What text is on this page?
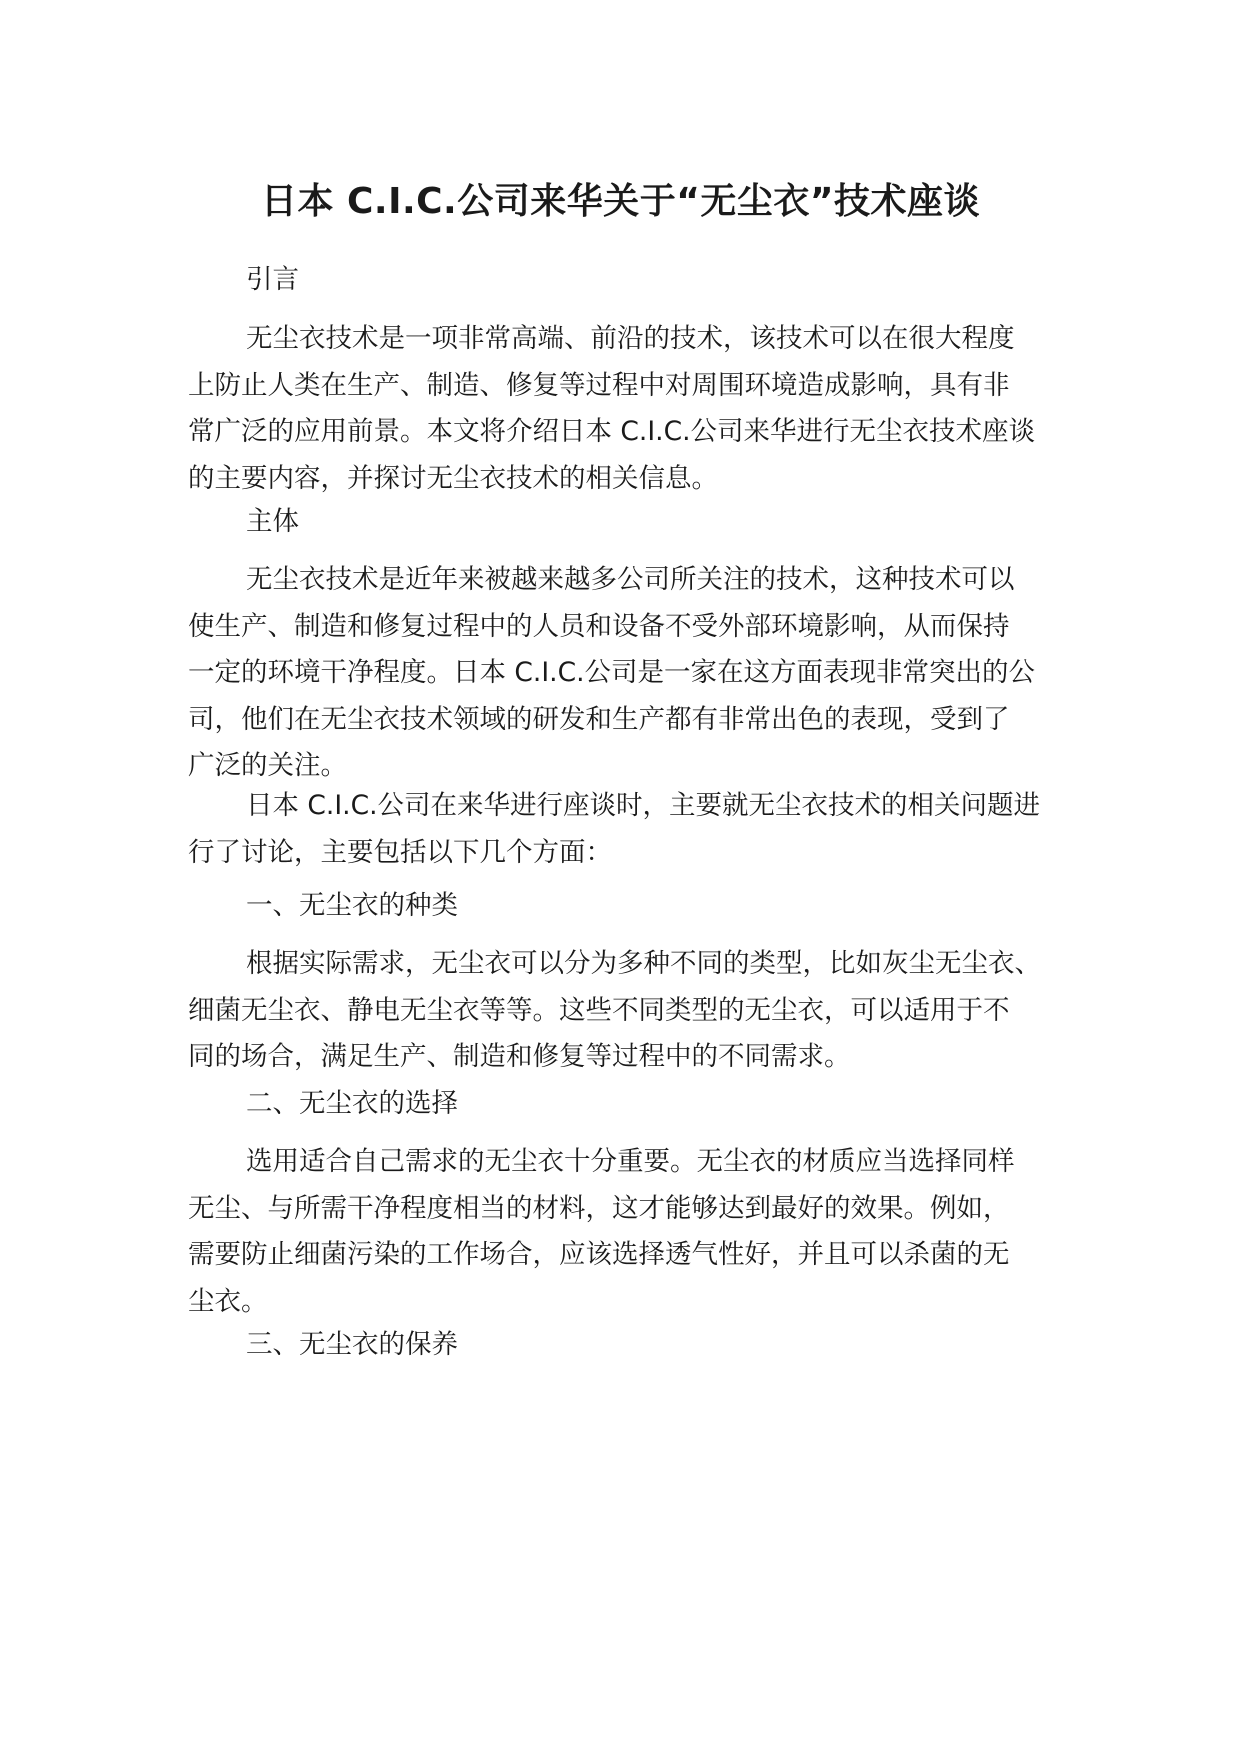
日本 C.I.C.公司来华关于“无尘衣”技术座谈

引言

无尘衣技术是一项非常高端、前沿的技术，该技术可以在很大程度
上防止人类在生产、制造、修复等过程中对周围环境造成影响，具有非
常广泛的应用前景。本文将介绍日本 C.I.C.公司来华进行无尘衣技术座谈
的主要内容，并探讨无尘衣技术的相关信息。

主体

无尘衣技术是近年来被越来越多公司所关注的技术，这种技术可以
使生产、制造和修复过程中的人员和设备不受外部环境影响，从而保持
一定的环境干净程度。日本 C.I.C.公司是一家在这方面表现非常突出的公
司，他们在无尘衣技术领域的研发和生产都有非常出色的表现，受到了
广泛的关注。

日本 C.I.C.公司在来华进行座谈时，主要就无尘衣技术的相关问题进
行了讨论，主要包括以下几个方面：

一、无尘衣的种类

根据实际需求，无尘衣可以分为多种不同的类型，比如灰尘无尘衣、
细菌无尘衣、静电无尘衣等等。这些不同类型的无尘衣，可以适用于不
同的场合，满足生产、制造和修复等过程中的不同需求。

二、无尘衣的选择

选用适合自己需求的无尘衣十分重要。无尘衣的材质应当选择同样
无尘、与所需干净程度相当的材料，这才能够达到最好的效果。例如，
需要防止细菌污染的工作场合，应该选择透气性好，并且可以杀菌的无
尘衣。

三、无尘衣的保养
